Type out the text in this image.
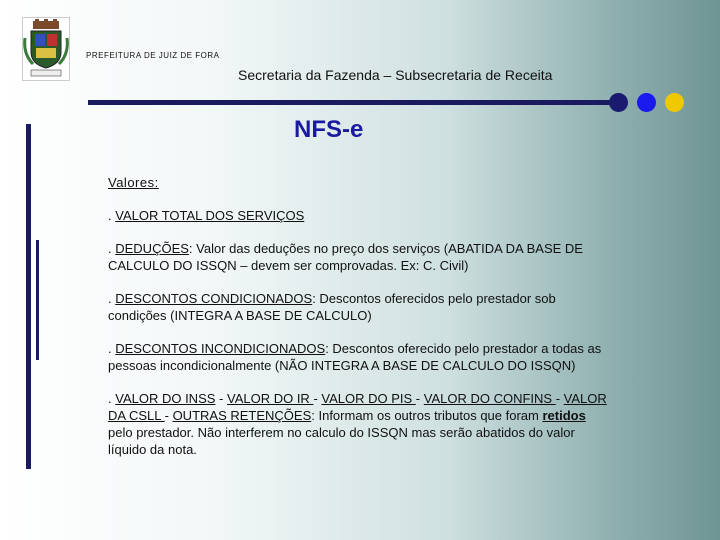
PREFEITURA DE JUIZ DE FORA
Secretaria da Fazenda – Subsecretaria de Receita
NFS-e

Valores:

. VALOR TOTAL DOS SERVIÇOS

. DEDUÇÕES: Valor das deduções no preço dos serviços (ABATIDA DA BASE DE CALCULO DO ISSQN – devem ser comprovadas. Ex: C. Civil)

. DESCONTOS CONDICIONADOS: Descontos oferecidos pelo prestador sob condições (INTEGRA A BASE DE CALCULO)

. DESCONTOS INCONDICIONADOS: Descontos oferecido pelo prestador a todas as pessoas incondicionalmente (NÃO INTEGRA A BASE DE CALCULO DO ISSQN)

. VALOR DO INSS - VALOR DO IR - VALOR DO PIS - VALOR DO CONFINS - VALOR DA CSLL - OUTRAS RETENÇÕES: Informam os outros tributos que foram retidos pelo prestador. Não interferem no calculo do ISSQN mas serão abatidos do valor líquido da nota.
